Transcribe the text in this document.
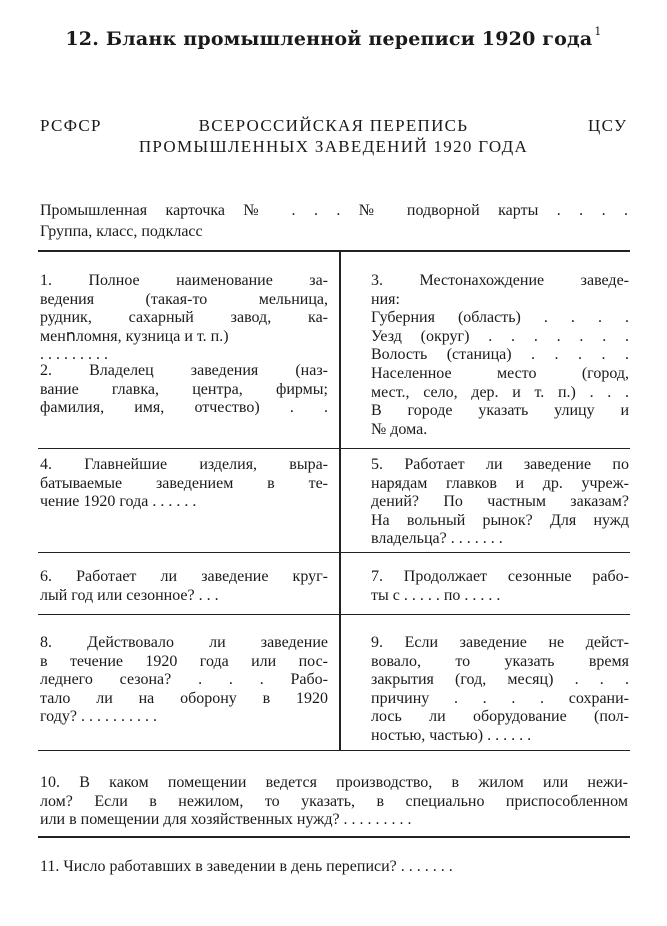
12. Бланк промышленной переписи 1920 года $^1$
РСФСР	ВСЕРОССИЙСКАЯ ПЕРЕПИСЬ
ПРОМЫШЛЕННЫХ ЗАВЕДЕНИЙ 1920 ГОДА
ЦСУ
Промышленная карточка № . . . № подворной карты . . . .
Группа, класс, подкласс
1. Полное наименование за-
ведения (такая-то мельница,
рудник, сахарный завод, ка-
менոломня, кузница и т. п.)
. . . . . . . . .
2. Владелец заведения (наз-
вание главка, центра, фирмы;
фамилия, имя, отчество) . .
3. Местонахождение заведе-
ния:
Губерния (область) . . . .
Уезд (округ) . . . . . . .
Волость (станица) . . . . .
Населенное место (город,
мест., село, дер. и т. п.) . . .
В городе указать улицу и
№ дома.
4. Главнейшие изделия, выра-
батываемые заведением в те-
чение 1920 года . . . . . .
5. Работает ли заведение по
нарядам главков и др. учреж-
дений? По частным заказам?
На вольный рынок? Для нужд
владельца? . . . . . . .
6. Работает ли заведение круг-
лый год или сезонное? . . .
7. Продолжает сезонные рабо-
ты с . . . . . по . . . . .
8. Действовало ли заведение
в течение 1920 года или пос-
леднего сезона? . . . Рабо-
тало ли на оборону в 1920
году? . . . . . . . . . .
9. Если заведение не дейст-
вовало, то указать время
закрытия (год, месяц) . . .
причину . . . . сохрани-
лось ли оборудование (пол-
ностью, частью) . . . . . .
10. В каком помещении ведется производство, в жилом или нежи-
лом? Если в нежилом, то указать, в специально приспособленном
или в помещении для хозяйственных нужд? . . . . . . . . .
11. Число работавших в заведении в день переписи? . . . . . . .
